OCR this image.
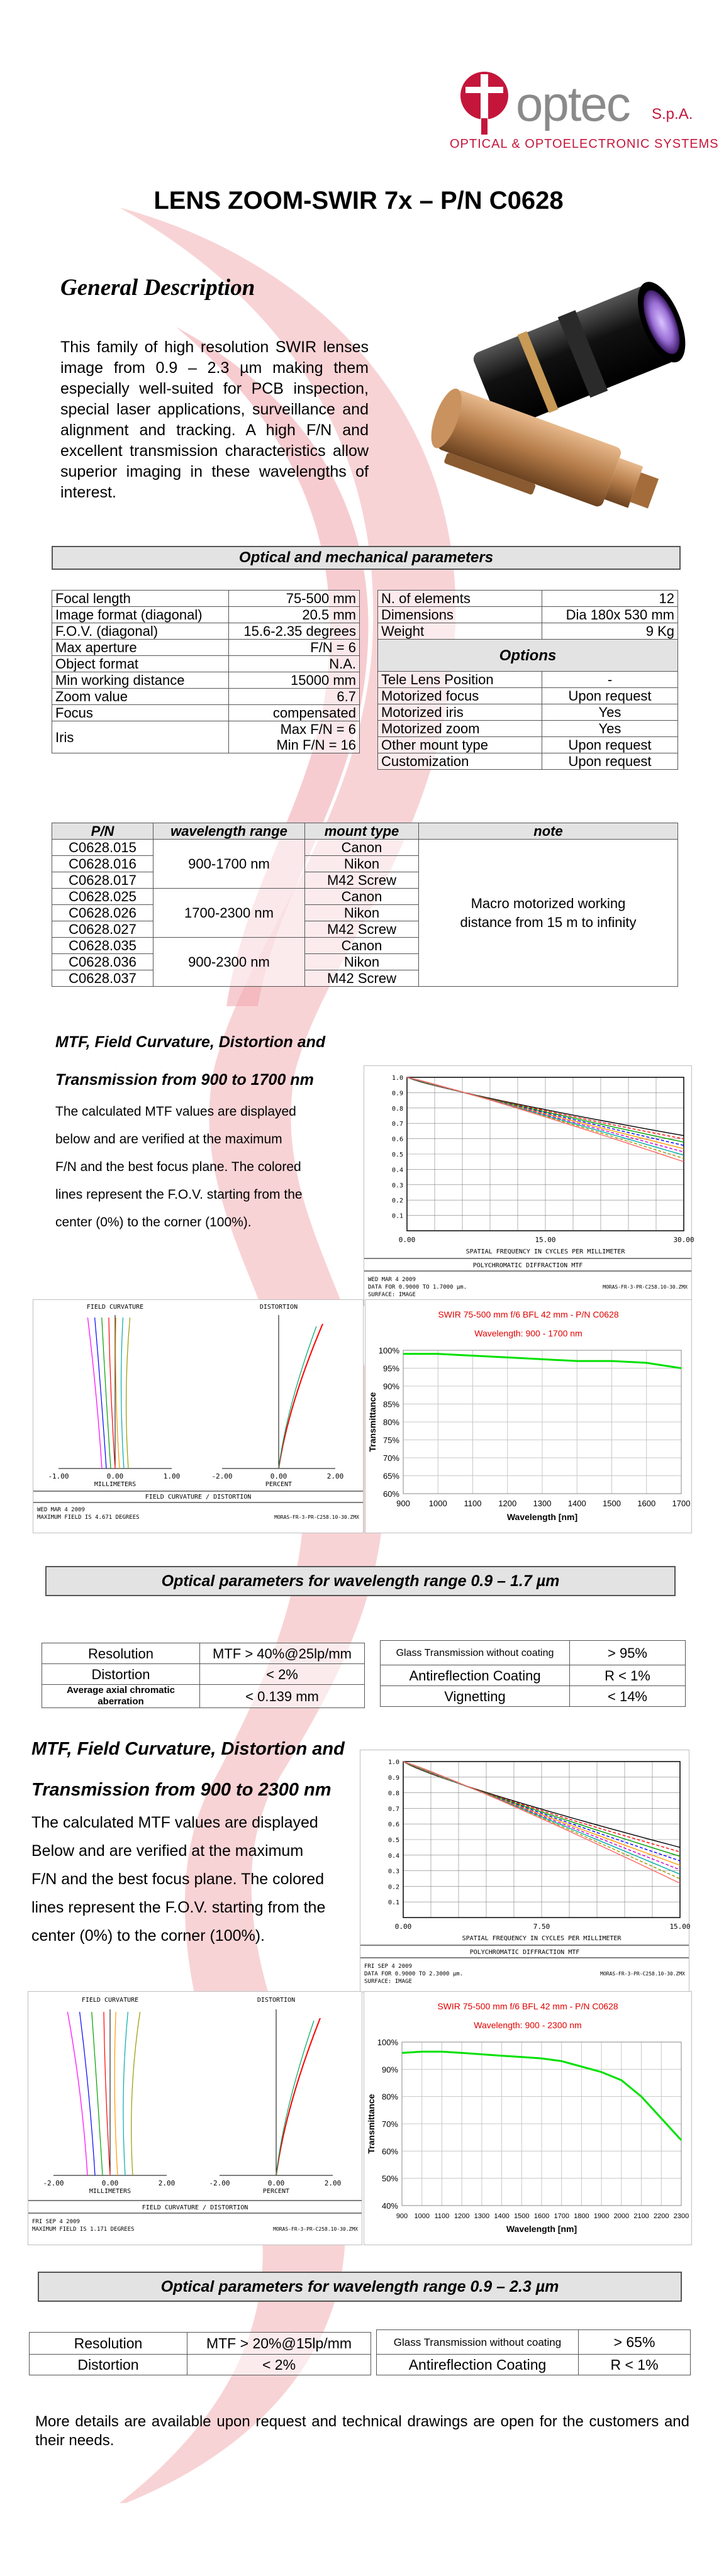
optec S.p.A.
OPTICAL & OPTOELECTRONIC SYSTEMS
LENS ZOOM-SWIR 7x – P/N C0628
General Description
This family of high resolution SWIR lenses image from 0.9 – 2.3 µm making them especially well-suited for PCB inspection, special laser applications, surveillance and alignment and tracking. A high F/N and excellent transmission characteristics allow superior imaging in these wavelengths of interest.
Optical and mechanical parameters
Focal length	75-500 mm
Image format (diagonal)	20.5 mm
F.O.V. (diagonal)	15.6-2.35 degrees
Max aperture	F/N = 6
Object format	N.A.
Min working distance	15000 mm
Zoom value	6.7
Focus	compensated
Iris	Max F/N = 6
	Min F/N = 16
N. of elements	12
Dimensions	Dia 180x 530 mm
Weight	9 Kg
Options	
Tele Lens Position	-
Motorized focus	Upon request
Motorized iris	Yes
Motorized zoom	Yes
Other mount type	Upon request
Customization	Upon request
P/N	wavelength range	mount type	note
C0628.015	900-1700 nm	Canon	Macro motorized working distance from 15 m to infinity
C0628.016		Nikon	
C0628.017		M42 Screw	
C0628.025	1700-2300 nm	Canon	
C0628.026		Nikon	
C0628.027		M42 Screw	
C0628.035	900-2300 nm	Canon	
C0628.036		Nikon	
C0628.037		M42 Screw	
MTF, Field Curvature, Distortion and
Transmission from 900 to 1700 nm
The calculated MTF values are displayed
below and are verified at the maximum
F/N and the best focus plane. The colored
lines represent the F.O.V. starting from the
center (0%) to the corner (100%).
1.0
0.9
0.8
0.7
0.6
0.5
0.4
0.3
0.2
0.1
0.00	15.00	30.00
SPATIAL FREQUENCY IN CYCLES PER MILLIMETER
POLYCHROMATIC DIFFRACTION MTF
WED MAR 4 2009
DATA FOR 0.9000 TO 1.7000 µm.
SURFACE: IMAGE
MORAS-FR-3-PR-C258.10-30.ZMX
FIELD CURVATURE	DISTORTION
-1.00	0.00	1.00
MILLIMETERS
-2.00	0.00	2.00
PERCENT
FIELD CURVATURE / DISTORTION
WED MAR 4 2009
MAXIMUM FIELD IS 4.671 DEGREES	MORAS-FR-3-PR-C258.10-30.ZMX
SWIR 75-500 mm f/6 BFL 42 mm - P/N C0628
Wavelength: 900 - 1700 nm
100%
95%
90%
85%
80%
75%
70%
65%
60%
900 1000 1100 1200 1300 1400 1500 1600 1700
Wavelength [nm]
Transmittance
Optical parameters for wavelength range 0.9 – 1.7 µm
Resolution	MTF > 40%@25lp/mm
Distortion	< 2%
Average axial chromatic aberration	< 0.139 mm
Glass Transmission without coating	> 95%
Antireflection Coating	R < 1%
Vignetting	< 14%
MTF, Field Curvature, Distortion and
Transmission from 900 to 2300 nm
The calculated MTF values are displayed
Below and are verified at the maximum
F/N and the best focus plane. The colored
lines represent the F.O.V. starting from the
center (0%) to the corner (100%).
1.0
0.9
0.8
0.7
0.6
0.5
0.4
0.3
0.2
0.1
0.00	7.50	15.00
SPATIAL FREQUENCY IN CYCLES PER MILLIMETER
POLYCHROMATIC DIFFRACTION MTF
FRI SEP 4 2009
DATA FOR 0.9000 TO 2.3000 µm.
SURFACE: IMAGE
MORAS-FR-3-PR-C258.10-30.ZMX
FIELD CURVATURE	DISTORTION
-2.00	0.00	2.00
MILLIMETERS
-2.00	0.00	2.00
PERCENT
FIELD CURVATURE / DISTORTION
FRI SEP 4 2009
MAXIMUM FIELD IS 1.171 DEGREES	MORAS-FR-3-PR-C258.10-30.ZMX
SWIR 75-500 mm f/6 BFL 42 mm - P/N C0628
Wavelength: 900 - 2300 nm
100%
90%
80%
70%
60%
50%
40%
900 1000 1100 1200 1300 1400 1500 1600 1700 1800 1900 2000 2100 2200 2300
Wavelength [nm]
Transmittance
Optical parameters for wavelength range 0.9 – 2.3 µm
Resolution	MTF > 20%@15lp/mm
Distortion	< 2%
Glass Transmission without coating	> 65%
Antireflection Coating	R < 1%
More details are available upon request and technical drawings are open for the customers and their needs.
